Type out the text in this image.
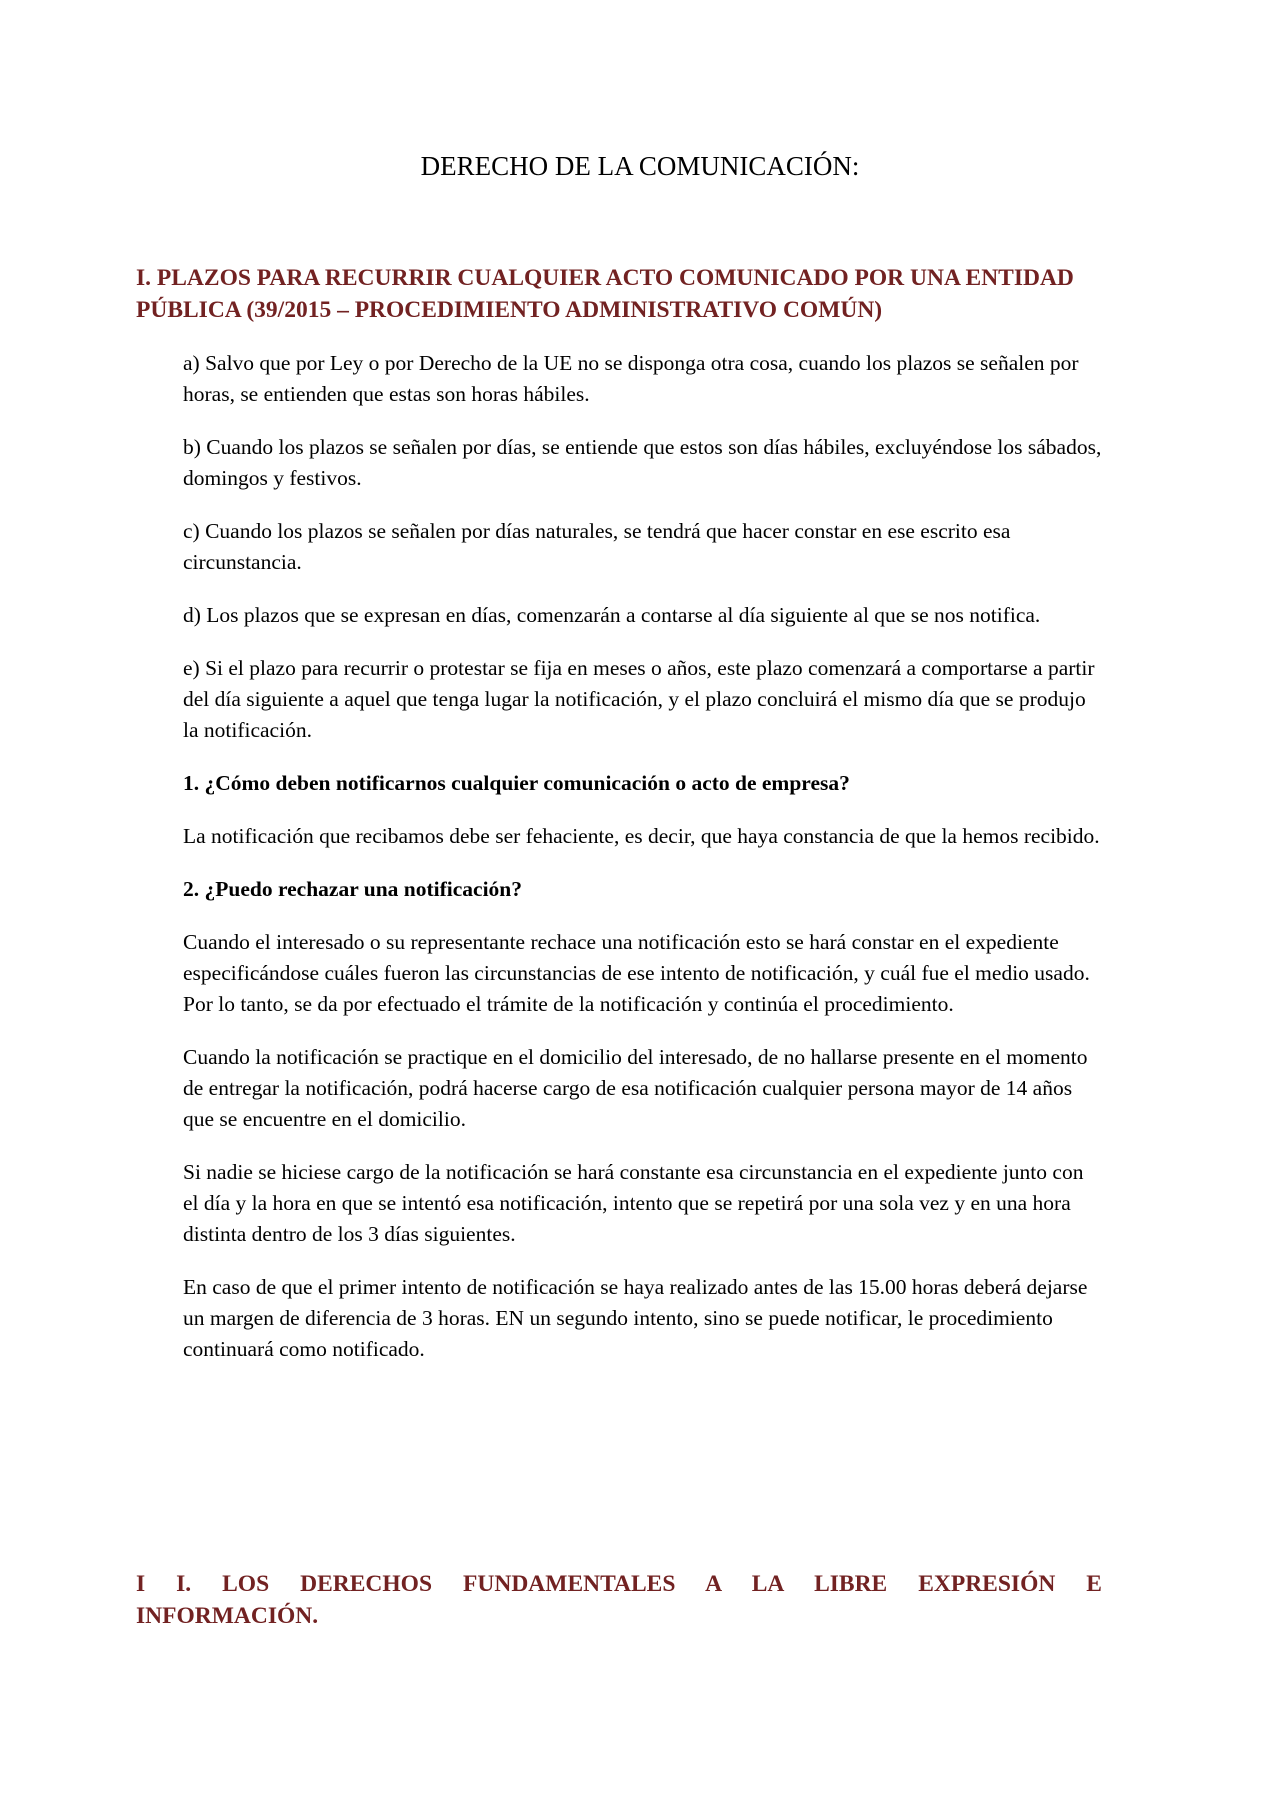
DERECHO DE LA COMUNICACIÓN:
I. PLAZOS PARA RECURRIR CUALQUIER ACTO COMUNICADO POR UNA ENTIDAD PÚBLICA (39/2015 – PROCEDIMIENTO ADMINISTRATIVO COMÚN)

a) Salvo que por Ley o por Derecho de la UE no se disponga otra cosa, cuando los plazos se señalen por horas, se entienden que estas son horas hábiles.

b) Cuando los plazos se señalen por días, se entiende que estos son días hábiles, excluyéndose los sábados, domingos y festivos.

c) Cuando los plazos se señalen por días naturales, se tendrá que hacer constar en ese escrito esa circunstancia.

d) Los plazos que se expresan en días, comenzarán a contarse al día siguiente al que se nos notifica.

e) Si el plazo para recurrir o protestar se fija en meses o años, este plazo comenzará a comportarse a partir del día siguiente a aquel que tenga lugar la notificación, y el plazo concluirá el mismo día que se produjo la notificación.

1. ¿Cómo deben notificarnos cualquier comunicación o acto de empresa?

La notificación que recibamos debe ser fehaciente, es decir, que haya constancia de que la hemos recibido.

2. ¿Puedo rechazar una notificación?

Cuando el interesado o su representante rechace una notificación esto se hará constar en el expediente especificándose cuáles fueron las circunstancias de ese intento de notificación, y cuál fue el medio usado. Por lo tanto, se da por efectuado el trámite de la notificación y continúa el procedimiento.

Cuando la notificación se practique en el domicilio del interesado, de no hallarse presente en el momento de entregar la notificación, podrá hacerse cargo de esa notificación cualquier persona mayor de 14 años que se encuentre en el domicilio.

Si nadie se hiciese cargo de la notificación se hará constante esa circunstancia en el expediente junto con el día y la hora en que se intentó esa notificación, intento que se repetirá por una sola vez y en una hora distinta dentro de los 3 días siguientes.

En caso de que el primer intento de notificación se haya realizado antes de las 15.00 horas deberá dejarse un margen de diferencia de 3 horas. EN un segundo intento, sino se puede notificar, le procedimiento continuará como notificado.

I I. LOS DERECHOS FUNDAMENTALES A LA LIBRE EXPRESIÓN E INFORMACIÓN.
